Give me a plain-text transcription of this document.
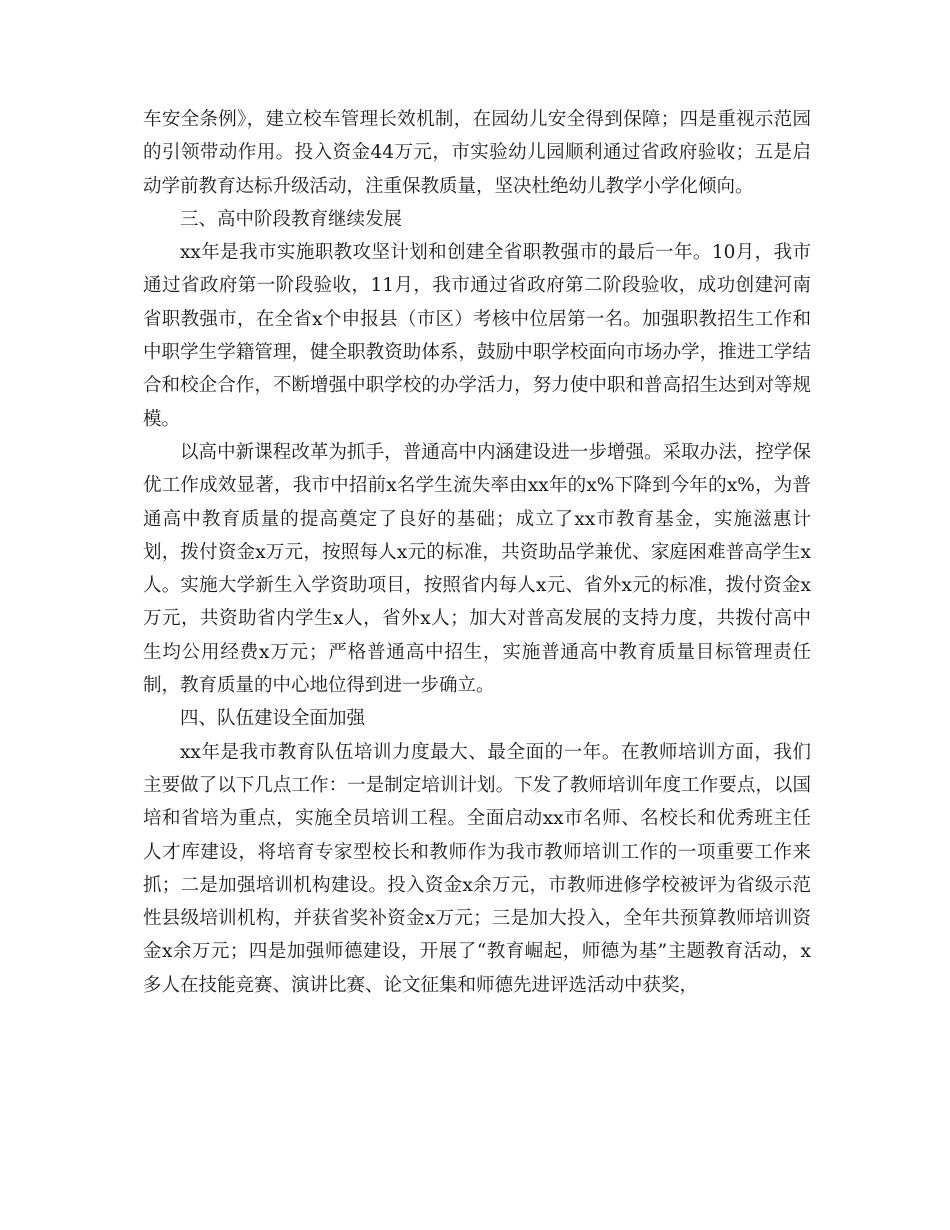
车安全条例》，建立校车管理长效机制，在园幼儿安全得到保障；四是重视示范园的引领带动作用。投入资金44万元，市实验幼儿园顺利通过省政府验收；五是启动学前教育达标升级活动，注重保教质量，坚决杜绝幼儿教学小学化倾向。

三、高中阶段教育继续发展

xx年是我市实施职教攻坚计划和创建全省职教强市的最后一年。10月，我市通过省政府第一阶段验收，11月，我市通过省政府第二阶段验收，成功创建河南省职教强市，在全省x个申报县（市区）考核中位居第一名。加强职教招生工作和中职学生学籍管理，健全职教资助体系，鼓励中职学校面向市场办学，推进工学结合和校企合作，不断增强中职学校的办学活力，努力使中职和普高招生达到对等规模。

以高中新课程改革为抓手，普通高中内涵建设进一步增强。采取办法，控学保优工作成效显著，我市中招前x名学生流失率由xx年的x%下降到今年的x%，为普通高中教育质量的提高奠定了良好的基础；成立了xx市教育基金，实施滋惠计划，拨付资金x万元，按照每人x元的标准，共资助品学兼优、家庭困难普高学生x人。实施大学新生入学资助项目，按照省内每人x元、省外x元的标准，拨付资金x万元，共资助省内学生x人，省外x人；加大对普高发展的支持力度，共拨付高中生均公用经费x万元；严格普通高中招生，实施普通高中教育质量目标管理责任制，教育质量的中心地位得到进一步确立。

四、队伍建设全面加强

xx年是我市教育队伍培训力度最大、最全面的一年。在教师培训方面，我们主要做了以下几点工作：一是制定培训计划。下发了教师培训年度工作要点，以国培和省培为重点，实施全员培训工程。全面启动xx市名师、名校长和优秀班主任人才库建设，将培育专家型校长和教师作为我市教师培训工作的一项重要工作来抓；二是加强培训机构建设。投入资金x余万元，市教师进修学校被评为省级示范性县级培训机构，并获省奖补资金x万元；三是加大投入，全年共预算教师培训资金x余万元；四是加强师德建设，开展了“教育崛起，师德为基”主题教育活动，x多人在技能竞赛、演讲比赛、论文征集和师德先进评选活动中获奖，
